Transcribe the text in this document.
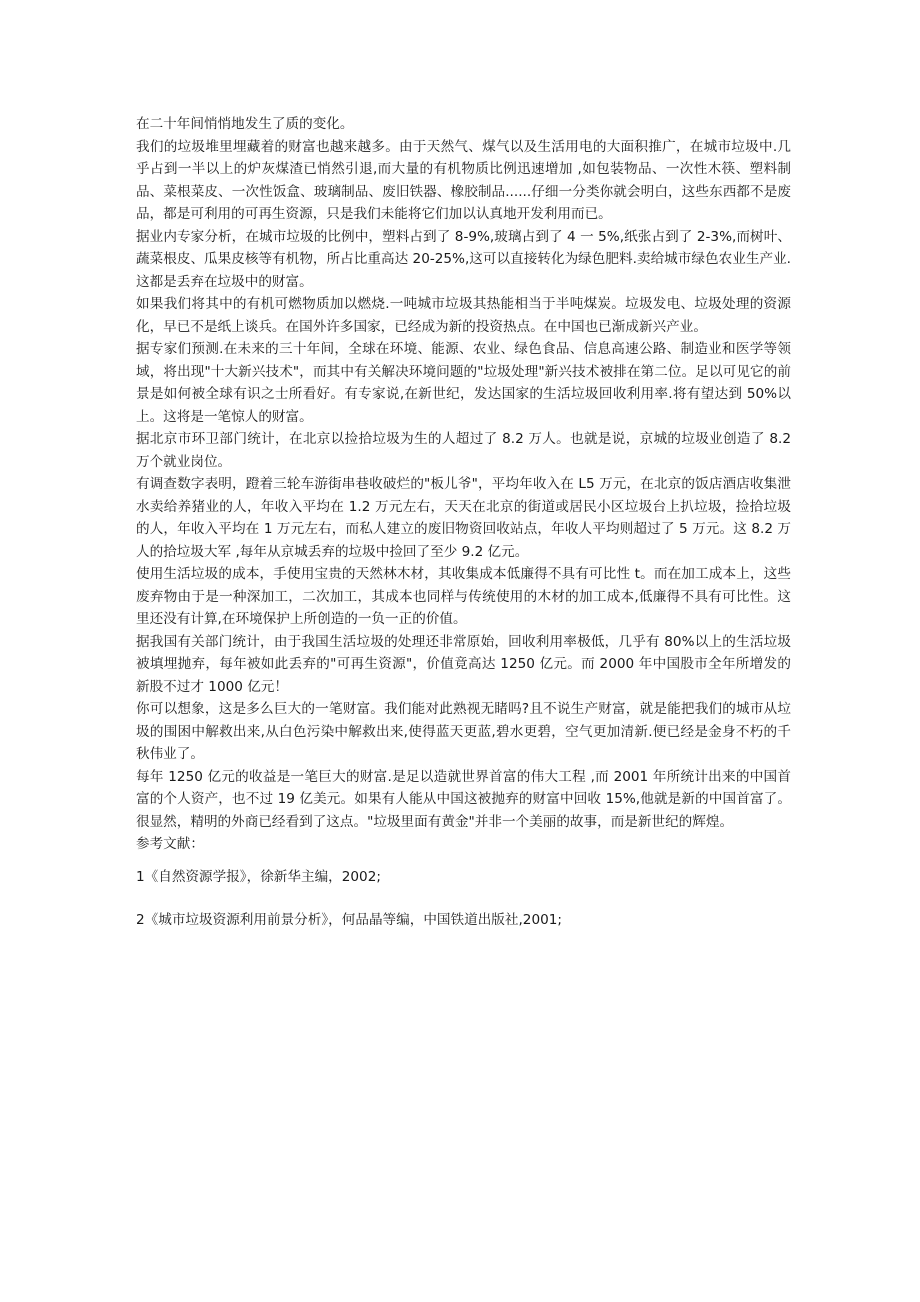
在二十年间悄悄地发生了质的变化。

我们的垃圾堆里埋藏着的财富也越来越多。由于天然气、煤气以及生活用电的大面积推广，在城市垃圾中.几乎占到一半以上的炉灰煤渣已悄然引退,而大量的有机物质比例迅速增加 ,如包装物品、一次性木筷、塑料制品、菜根菜皮、一次性饭盒、玻璃制品、废旧铁器、橡胶制品......仔细一分类你就会明白，这些东西都不是废品，都是可利用的可再生资源，只是我们未能将它们加以认真地开发利用而已。

据业内专家分析，在城市垃圾的比例中，塑料占到了 8-9%,玻璃占到了 4 一 5%,纸张占到了 2-3%,而树叶、蔬菜根皮、瓜果皮核等有机物，所占比重高达 20-25%,这可以直接转化为绿色肥料.卖给城市绿色农业生产业.这都是丢弃在垃圾中的财富。

如果我们将其中的有机可燃物质加以燃烧.一吨城市垃圾其热能相当于半吨煤炭。垃圾发电、垃圾处理的资源化，早已不是纸上谈兵。在国外许多国家，已经成为新的投资热点。在中国也已渐成新兴产业。

据专家们预测.在未来的三十年间，全球在环境、能源、农业、绿色食品、信息高速公路、制造业和医学等领域，将出现"十大新兴技术"，而其中有关解决环境问题的"垃圾处理"新兴技术被排在第二位。足以可见它的前景是如何被全球有识之士所看好。有专家说,在新世纪，发达国家的生活垃圾回收利用率.将有望达到 50%以上。这将是一笔惊人的财富。

据北京市环卫部门统计，在北京以捡拾垃圾为生的人超过了 8.2 万人。也就是说，京城的垃圾业创造了 8.2 万个就业岗位。

有调查数字表明，蹬着三轮车游街串巷收破烂的"板儿爷"，平均年收入在 L5 万元，在北京的饭店酒店收集泄水卖给养猪业的人，年收入平均在 1.2 万元左右，天天在北京的街道或居民小区垃圾台上扒垃圾，捡拾垃圾的人，年收入平均在 1 万元左右，而私人建立的废旧物资回收站点，年收人平均则超过了 5 万元。这 8.2 万人的拾垃圾大军 ,每年从京城丢弃的垃圾中捡回了至少 9.2 亿元。

使用生活垃圾的成本，手使用宝贵的天然林木材，其收集成本低廉得不具有可比性 t。而在加工成本上，这些废弃物由于是一种深加工，二次加工，其成本也同样与传统使用的木材的加工成本,低廉得不具有可比性。这里还没有计算,在环境保护上所创造的一负一正的价值。

据我国有关部门统计，由于我国生活垃圾的处理还非常原始，回收利用率极低，几乎有 80%以上的生活垃圾被填埋抛弃，每年被如此丢弃的"可再生资源"，价值竟高达 1250 亿元。而 2000 年中国股市全年所增发的新股不过才 1000 亿元！

你可以想象，这是多么巨大的一笔财富。我们能对此熟视无睹吗?且不说生产财富，就是能把我们的城市从垃圾的围困中解救出来,从白色污染中解救出来,使得蓝天更蓝,碧水更碧，空气更加清新.便已经是金身不朽的千秋伟业了。

每年 1250 亿元的收益是一笔巨大的财富.是足以造就世界首富的伟大工程 ,而 2001 年所统计出来的中国首富的个人资产，也不过 19 亿美元。如果有人能从中国这被抛弃的财富中回收 15%,他就是新的中国首富了。很显然，精明的外商已经看到了这点。"垃圾里面有黄金"并非一个美丽的故事，而是新世纪的辉煌。

参考文献：

1《自然资源学报》，徐新华主编，2002;

2《城市垃圾资源利用前景分析》，何品晶等编，中国铁道出版社,2001;
